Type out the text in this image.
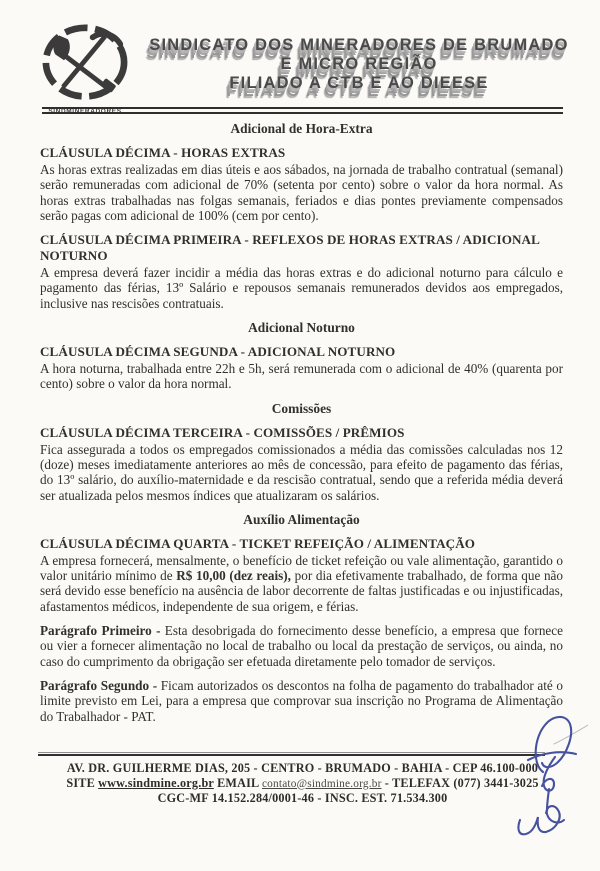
SINDMINERADORES
SINDICATO DOS MINERADORES DE BRUMADO
E MICRO REGIÃO
FILIADO A CTB E AO DIEESE
Adicional de Hora-Extra
CLÁUSULA DÉCIMA - HORAS EXTRAS

As horas extras realizadas em dias úteis e aos sábados, na jornada de trabalho contratual (semanal) serão remuneradas com adicional de 70% (setenta por cento) sobre o valor da hora normal. As horas extras trabalhadas nas folgas semanais, feriados e dias pontes previamente compensados serão pagas com adicional de 100% (cem por cento).

CLÁUSULA DÉCIMA PRIMEIRA - REFLEXOS DE HORAS EXTRAS / ADICIONAL NOTURNO

A empresa deverá fazer incidir a média das horas extras e do adicional noturno para cálculo e pagamento das férias, 13º Salário e repousos semanais remunerados devidos aos empregados, inclusive nas rescisões contratuais.

Adicional Noturno
CLÁUSULA DÉCIMA SEGUNDA - ADICIONAL NOTURNO

A hora noturna, trabalhada entre 22h e 5h, será remunerada com o adicional de 40% (quarenta por cento) sobre o valor da hora normal.

Comissões
CLÁUSULA DÉCIMA TERCEIRA - COMISSÕES / PRÊMIOS

Fica assegurada a todos os empregados comissionados a média das comissões calculadas nos 12 (doze) meses imediatamente anteriores ao mês de concessão, para efeito de pagamento das férias, do 13º salário, do auxílio-maternidade e da rescisão contratual, sendo que a referida média deverá ser atualizada pelos mesmos índices que atualizaram os salários.

Auxílio Alimentação
CLÁUSULA DÉCIMA QUARTA - TICKET REFEIÇÃO / ALIMENTAÇÃO

A empresa fornecerá, mensalmente, o benefício de ticket refeição ou vale alimentação, garantido o valor unitário mínimo de R$ 10,00 (dez reais), por dia efetivamente trabalhado, de forma que não será devido esse benefício na ausência de labor decorrente de faltas justificadas e ou injustificadas, afastamentos médicos, independente de sua origem, e férias.

Parágrafo Primeiro - Esta desobrigada do fornecimento desse benefício, a empresa que fornece ou vier a fornecer alimentação no local de trabalho ou local da prestação de serviços, ou ainda, no caso do cumprimento da obrigação ser efetuada diretamente pelo tomador de serviços.

Parágrafo Segundo - Ficam autorizados os descontos na folha de pagamento do trabalhador até o limite previsto em Lei, para a empresa que comprovar sua inscrição no Programa de Alimentação do Trabalhador - PAT.

AV. DR. GUILHERME DIAS, 205 - CENTRO - BRUMADO - BAHIA - CEP 46.100-000
SITE www.sindmine.org.br EMAIL contato@sindmine.org.br - TELEFAX (077) 3441-3025
CGC-MF 14.152.284/0001-46 - INSC. EST. 71.534.300
